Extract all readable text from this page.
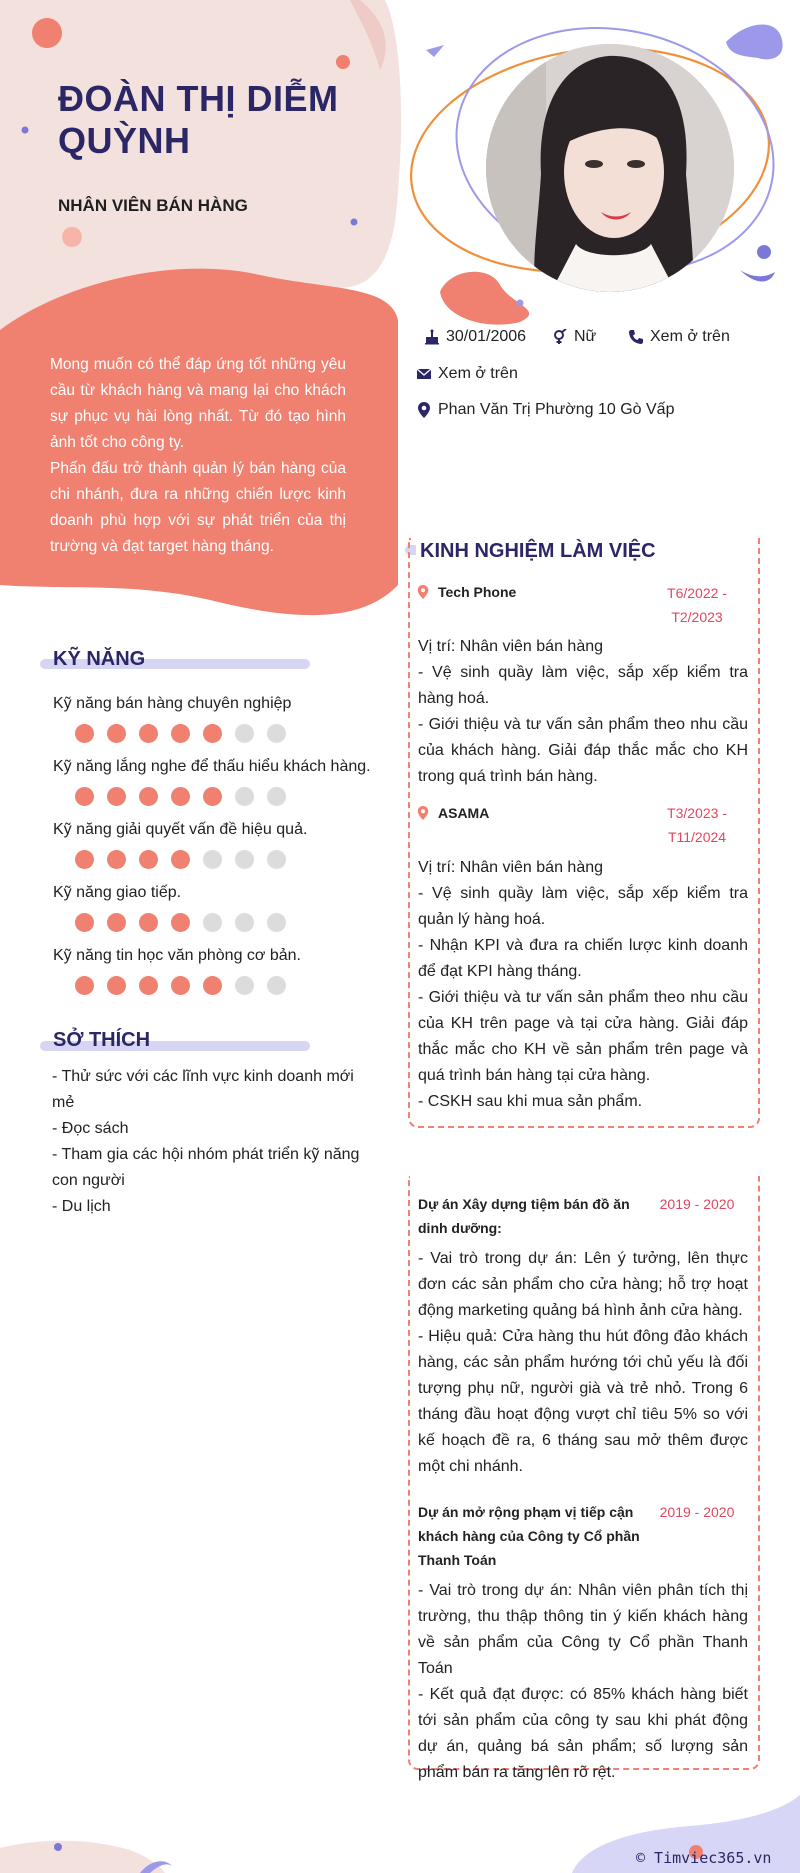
ĐOÀN THỊ DIỄM QUỲNH
NHÂN VIÊN BÁN HÀNG
30/01/2006	Nữ	Xem ở trên
Xem ở trên
Phan Văn Trị Phường 10 Gò Vấp

Mong muốn có thể đáp ứng tốt những yêu cầu từ khách hàng và mang lại cho khách sự phục vụ hài lòng nhất. Từ đó tạo hình ảnh tốt cho công ty.

Phấn đấu trở thành quản lý bán hàng của chi nhánh, đưa ra những chiến lược kinh doanh phù hợp với sự phát triển của thị trường và đạt target hàng tháng.

KỸ NĂNG
Kỹ năng bán hàng chuyên nghiệp
Kỹ năng lắng nghe để thấu hiểu khách hàng.
Kỹ năng giải quyết vấn đề hiệu quả.
Kỹ năng giao tiếp.
Kỹ năng tin học văn phòng cơ bản.
SỞ THÍCH
- Thử sức với các lĩnh vực kinh doanh mới mẻ
- Đọc sách
- Tham gia các hội nhóm phát triển kỹ năng con người
- Du lịch
KINH NGHIỆM LÀM VIỆC
Tech Phone	T6/2022 -
T2/2023
Vị trí: Nhân viên bán hàng
- Vệ sinh quầy làm việc, sắp xếp kiểm tra hàng hoá.
- Giới thiệu và tư vấn sản phẩm theo nhu cầu của khách hàng. Giải đáp thắc mắc cho KH trong quá trình bán hàng.
ASAMA	T3/2023 -
T11/2024
Vị trí: Nhân viên bán hàng
- Vệ sinh quầy làm việc, sắp xếp kiểm tra quản lý hàng hoá.
- Nhận KPI và đưa ra chiến lược kinh doanh để đạt KPI hàng tháng.
- Giới thiệu và tư vấn sản phẩm theo nhu cầu của KH trên page và tại cửa hàng. Giải đáp thắc mắc cho KH về sản phẩm trên page và quá trình bán hàng tại cửa hàng.
- CSKH sau khi mua sản phẩm.
Dự án Xây dựng tiệm bán đồ ăn dinh dưỡng:
2019 - 2020
- Vai trò trong dự án: Lên ý tưởng, lên thực đơn các sản phẩm cho cửa hàng; hỗ trợ hoạt động marketing quảng bá hình ảnh cửa hàng.
- Hiệu quả: Cửa hàng thu hút đông đảo khách hàng, các sản phẩm hướng tới chủ yếu là đối tượng phụ nữ, người già và trẻ nhỏ. Trong 6 tháng đầu hoạt động vượt chỉ tiêu 5% so với kế hoạch đề ra, 6 tháng sau mở thêm được một chi nhánh.
Dự án mở rộng phạm vị tiếp cận khách hàng của Công ty Cổ phần Thanh Toán
2019 - 2020
- Vai trò trong dự án: Nhân viên phân tích thị trường, thu thập thông tin ý kiến khách hàng về sản phẩm của Công ty Cổ phần Thanh Toán
- Kết quả đạt được: có 85% khách hàng biết tới sản phẩm của công ty sau khi phát động dự án, quảng bá sản phẩm; số lượng sản phẩm bán ra tăng lên rõ rệt.
© Timviec365.vn
